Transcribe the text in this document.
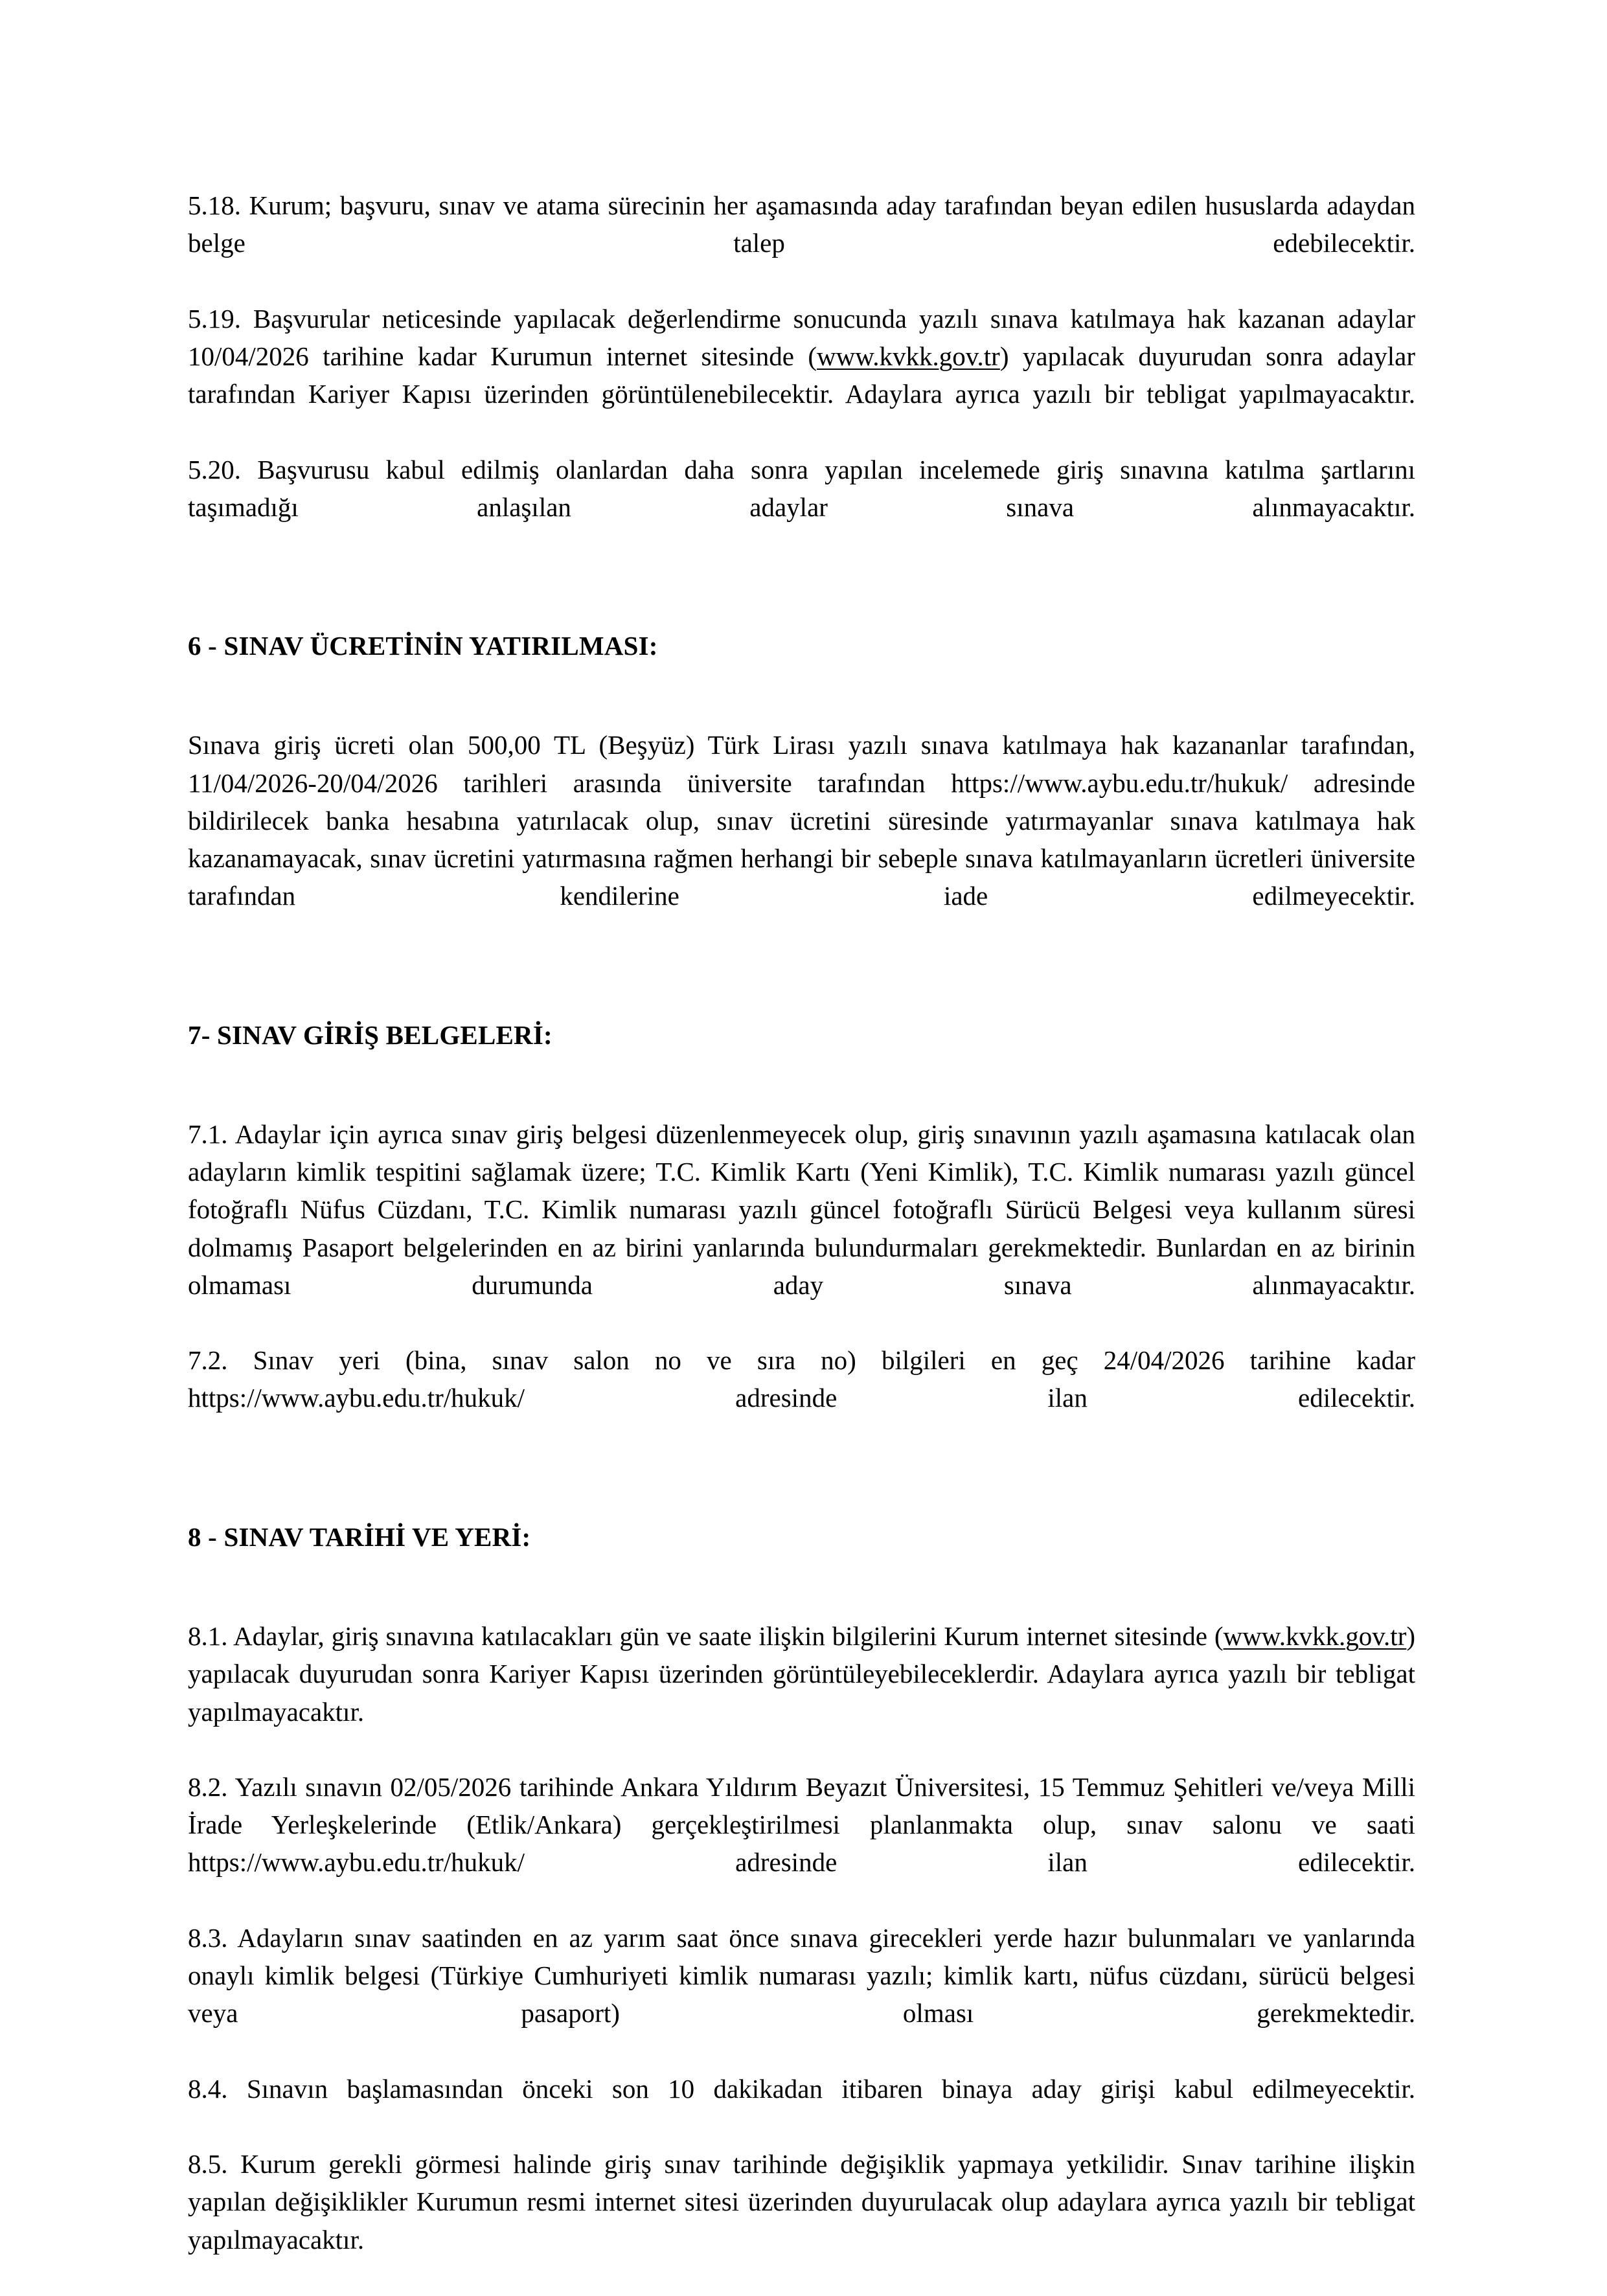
5.18. Kurum; başvuru, sınav ve atama sürecinin her aşamasında aday tarafından beyan edilen hususlarda adaydan belge talep edebilecektir.

5.19. Başvurular neticesinde yapılacak değerlendirme sonucunda yazılı sınava katılmaya hak kazanan adaylar 10/04/2026 tarihine kadar Kurumun internet sitesinde (www.kvkk.gov.tr) yapılacak duyurudan sonra adaylar tarafından Kariyer Kapısı üzerinden görüntülenebilecektir. Adaylara ayrıca yazılı bir tebligat yapılmayacaktır.

5.20. Başvurusu kabul edilmiş olanlardan daha sonra yapılan incelemede giriş sınavına katılma şartlarını taşımadığı anlaşılan adaylar sınava alınmayacaktır.

6 - SINAV ÜCRETİNİN YATIRILMASI:

Sınava giriş ücreti olan 500,00 TL (Beşyüz) Türk Lirası yazılı sınava katılmaya hak kazananlar tarafından, 11/04/2026-20/04/2026 tarihleri arasında üniversite tarafından https://www.aybu.edu.tr/hukuk/ adresinde bildirilecek banka hesabına yatırılacak olup, sınav ücretini süresinde yatırmayanlar sınava katılmaya hak kazanamayacak, sınav ücretini yatırmasına rağmen herhangi bir sebeple sınava katılmayanların ücretleri üniversite tarafından kendilerine iade edilmeyecektir.

7- SINAV GİRİŞ BELGELERİ:

7.1. Adaylar için ayrıca sınav giriş belgesi düzenlenmeyecek olup, giriş sınavının yazılı aşamasına katılacak olan adayların kimlik tespitini sağlamak üzere; T.C. Kimlik Kartı (Yeni Kimlik), T.C. Kimlik numarası yazılı güncel fotoğraflı Nüfus Cüzdanı, T.C. Kimlik numarası yazılı güncel fotoğraflı Sürücü Belgesi veya kullanım süresi dolmamış Pasaport belgelerinden en az birini yanlarında bulundurmaları gerekmektedir. Bunlardan en az birinin olmaması durumunda aday sınava alınmayacaktır.

7.2. Sınav yeri (bina, sınav salon no ve sıra no) bilgileri en geç 24/04/2026 tarihine kadar https://www.aybu.edu.tr/hukuk/ adresinde ilan edilecektir.

8 - SINAV TARİHİ VE YERİ:

8.1. Adaylar, giriş sınavına katılacakları gün ve saate ilişkin bilgilerini Kurum internet sitesinde (www.kvkk.gov.tr) yapılacak duyurudan sonra Kariyer Kapısı üzerinden görüntüleyebileceklerdir. Adaylara ayrıca yazılı bir tebligat yapılmayacaktır.

8.2. Yazılı sınavın 02/05/2026 tarihinde Ankara Yıldırım Beyazıt Üniversitesi, 15 Temmuz Şehitleri ve/veya Milli İrade Yerleşkelerinde (Etlik/Ankara) gerçekleştirilmesi planlanmakta olup, sınav salonu ve saati https://www.aybu.edu.tr/hukuk/ adresinde ilan edilecektir.

8.3. Adayların sınav saatinden en az yarım saat önce sınava girecekleri yerde hazır bulunmaları ve yanlarında onaylı kimlik belgesi (Türkiye Cumhuriyeti kimlik numarası yazılı; kimlik kartı, nüfus cüzdanı, sürücü belgesi veya pasaport) olması gerekmektedir.

8.4. Sınavın başlamasından önceki son 10 dakikadan itibaren binaya aday girişi kabul edilmeyecektir.

8.5. Kurum gerekli görmesi halinde giriş sınav tarihinde değişiklik yapmaya yetkilidir. Sınav tarihine ilişkin yapılan değişiklikler Kurumun resmi internet sitesi üzerinden duyurulacak olup adaylara ayrıca yazılı bir tebligat yapılmayacaktır.
